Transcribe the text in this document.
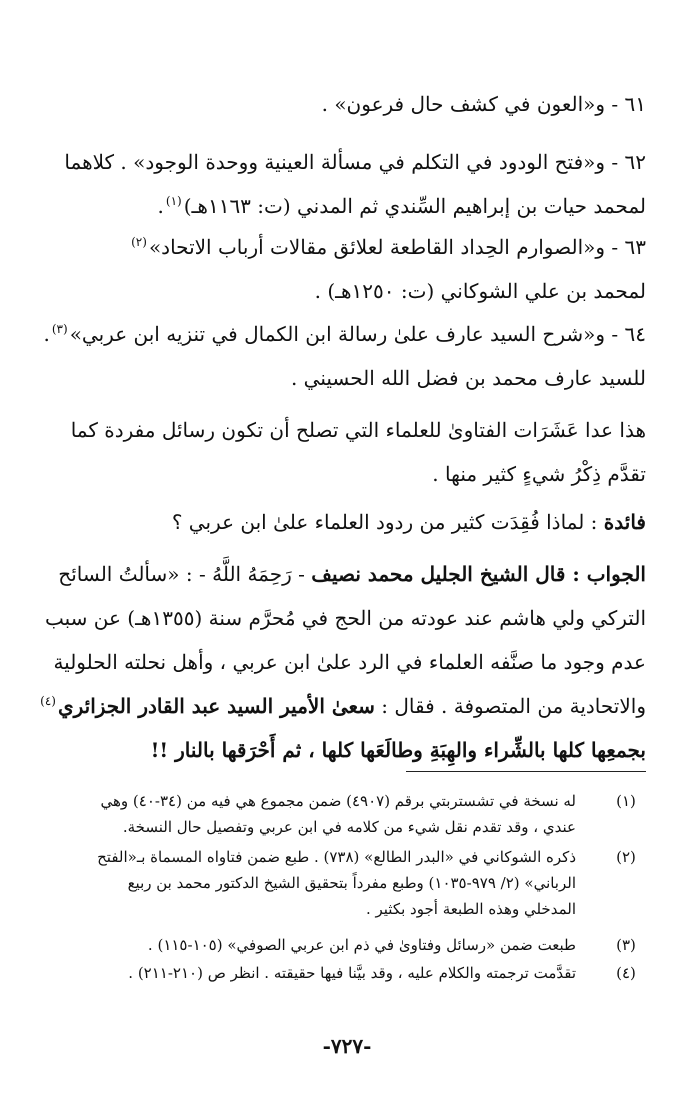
٦١ - و«العون في كشف حال فرعون» .
٦٢ - و«فتح الودود في التكلم في مسألة العينية ووحدة الوجود» . كلاهما
لمحمد حيات بن إبراهيم السِّندي ثم المدني (ت: ١١٦٣هـ)$^{(١)}$.
٦٣ - و«الصوارم الحِداد القاطعة لعلائق مقالات أرباب الاتحاد»$^{(٢)}$
لمحمد بن علي الشوكاني (ت: ١٢٥٠هـ) .
٦٤ - و«شرح السيد عارف علىٰ رسالة ابن الكمال في تنزيه ابن عربي»$^{(٣)}$.
للسيد عارف محمد بن فضل الله الحسيني .
هذا عدا عَشَرَات الفتاوىٰ للعلماء التي تصلح أن تكون رسائل مفردة كما
تقدَّم ذِكْرُ شيءٍ كثير منها .
فائدة : لماذا فُقِدَت كثير من ردود العلماء علىٰ ابن عربي ؟
الجواب : قال الشيخ الجليل محمد نصيف - رَحِمَهُ اللَّهُ - : «سألتُ السائح
التركي ولي هاشم عند عودته من الحج في مُحرَّم سنة (١٣٥٥هـ) عن سبب
عدم وجود ما صنَّفه العلماء في الرد علىٰ ابن عربي ، وأهل نحلته الحلولية
والاتحادية من المتصوفة . فقال : سعىٰ الأمير السيد عبد القادر الجزائري$^{(٤)}$
بجمعِها كلها بالشِّراء والهِبَةِ وطالَعَها كلها ، ثم أَحْرَقها بالنار !!
(١)
له نسخة في تشستربتي برقم (٤٩٠٧) ضمن مجموع هي فيه من (٣٤-٤٠) وهي
عندي ، وقد تقدم نقل شيء من كلامه في ابن عربي وتفصيل حال النسخة.
(٢)
ذكره الشوكاني في «البدر الطالع» (٧٣٨) . طبع ضمن فتاواه المسماة بـ«الفتح
الرباني» (٢/ ٩٧٩-١٠٣٥) وطبع مفرداً بتحقيق الشيخ الدكتور محمد بن ربيع
المدخلي وهذه الطبعة أجود بكثير .
(٣)
طبعت ضمن «رسائل وفتاوىٰ في ذم ابن عربي الصوفي» (١٠٥-١١٥) .
(٤)
تقدَّمت ترجمته والكلام عليه ، وقد بيَّنا فيها حقيقته . انظر ص (٢١٠-٢١١) .
-٧٢٧-
